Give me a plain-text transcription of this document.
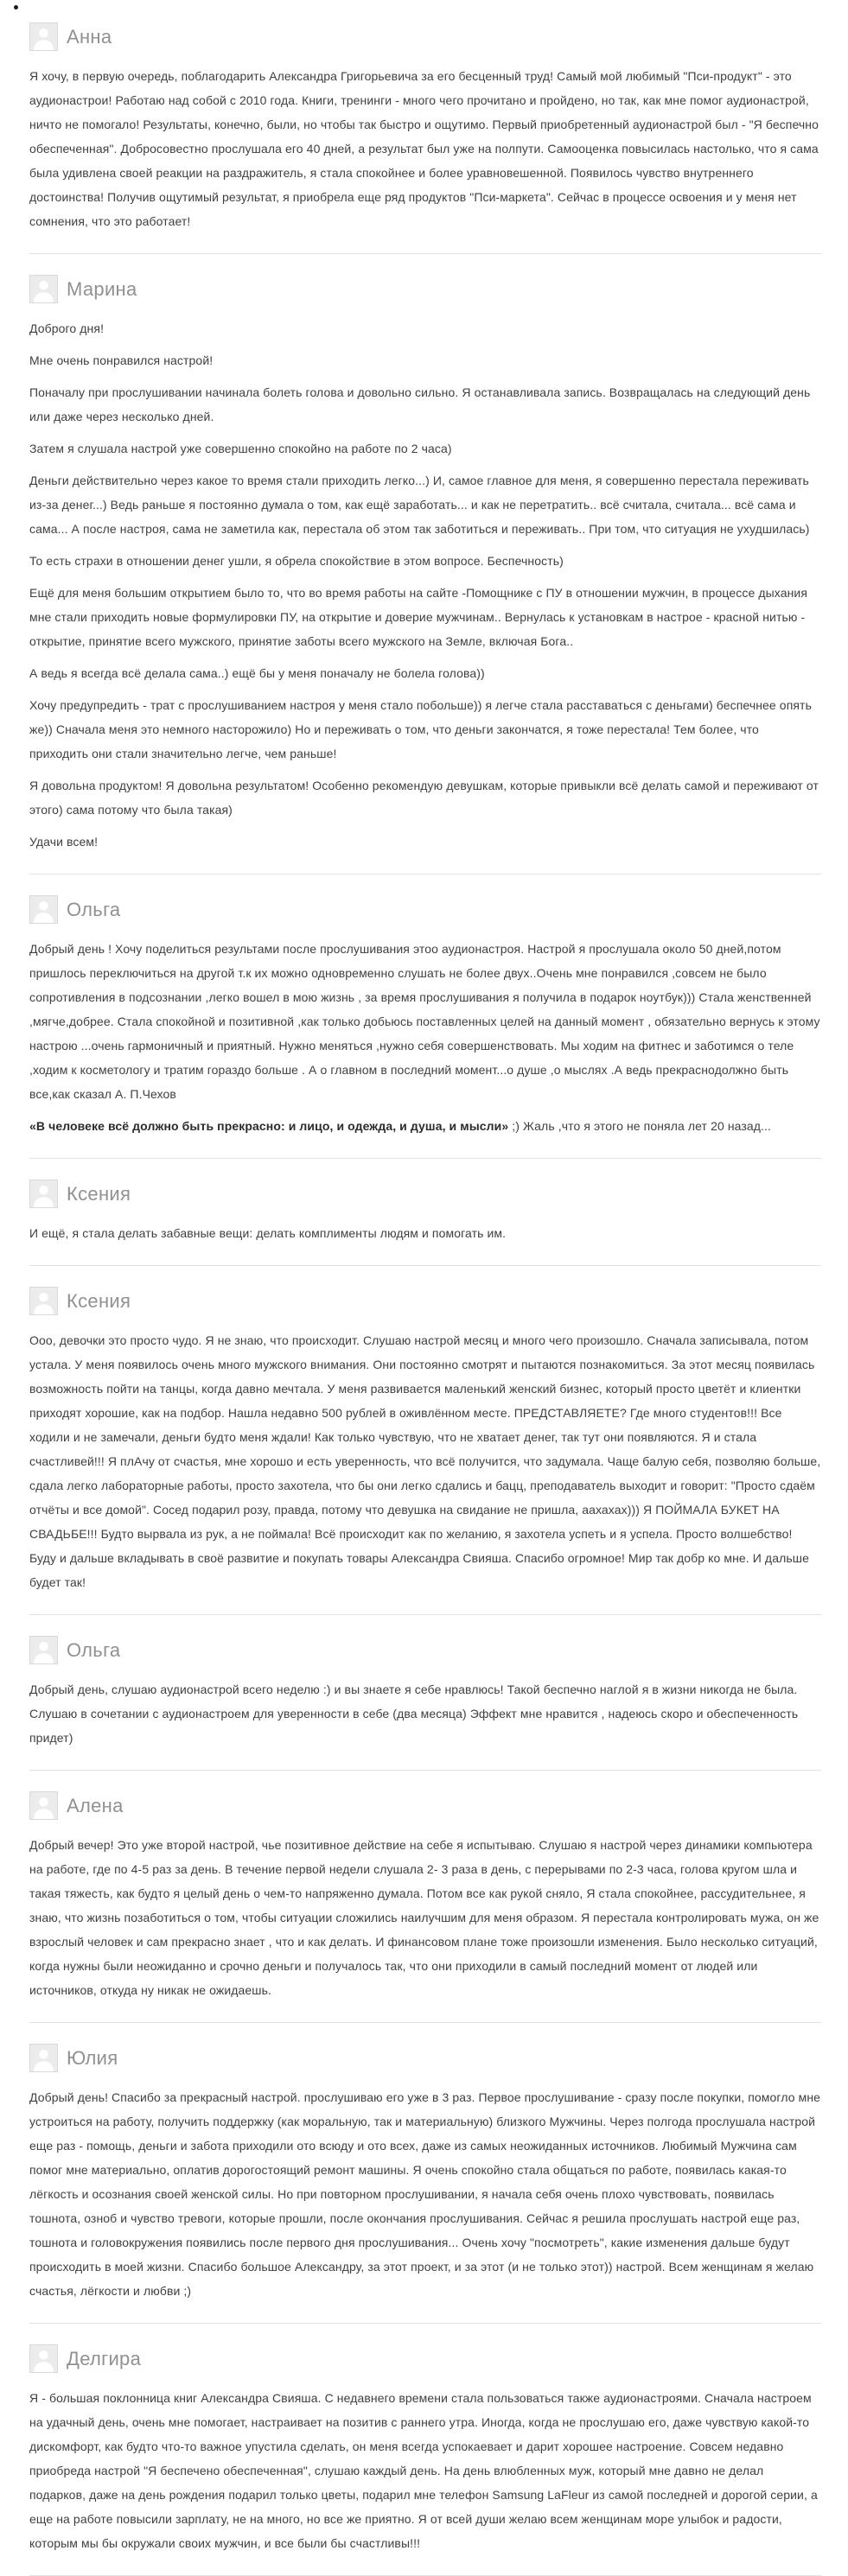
Анна

Я хочу, в первую очередь, поблагодарить Александра Григорьевича за его бесценный труд! Самый мой любимый "Пси-продукт" - это аудионастрои! Работаю над собой с 2010 года. Книги, тренинги - много чего прочитано и пройдено, но так, как мне помог аудионастрой, ничто не помогало! Результаты, конечно, были, но чтобы так быстро и ощутимо. Первый приобретенный аудионастрой был - "Я беспечно обеспеченная". Добросовестно прослушала его 40 дней, а результат был уже на полпути. Самооценка повысилась настолько, что я сама была удивлена своей реакции на раздражитель, я стала спокойнее и более уравновешенной. Появилось чувство внутреннего достоинства! Получив ощутимый результат, я приобрела еще ряд продуктов "Пси-маркета". Сейчас в процессе освоения и у меня нет сомнения, что это работает!

Марина

Доброго дня!

Мне очень понравился настрой!

Поначалу при прослушивании начинала болеть голова и довольно сильно. Я останавливала запись. Возвращалась на следующий день или даже через несколько дней.

Затем я слушала настрой уже совершенно спокойно на работе по 2 часа)

Деньги действительно через какое то время стали приходить легко...) И, самое главное для меня, я совершенно перестала переживать из-за денег...) Ведь раньше я постоянно думала о том, как ещё заработать... и как не перетратить.. всё считала, считала... всё сама и сама... А после настроя, сама не заметила как, перестала об этом так заботиться и переживать.. При том, что ситуация не ухудшилась)

То есть страхи в отношении денег ушли, я обрела спокойствие в этом вопросе. Беспечность)

Ещё для меня большим открытием было то, что во время работы на сайте -Помощнике с ПУ в отношении мужчин, в процессе дыхания мне стали приходить новые формулировки ПУ, на открытие и доверие мужчинам.. Вернулась к установкам в настрое - красной нитью - открытие, принятие всего мужского, принятие заботы всего мужского на Земле, включая Бога..

А ведь я всегда всё делала сама..) ещё бы у меня поначалу не болела голова))

Хочу предупредить - трат с прослушиванием настроя у меня стало побольше)) я легче стала расставаться с деньгами) беспечнее опять же)) Сначала меня это немного насторожило) Но и переживать о том, что деньги закончатся, я тоже перестала! Тем более, что приходить они стали значительно легче, чем раньше!

Я довольна продуктом! Я довольна результатом! Особенно рекомендую девушкам, которые привыкли всё делать самой и переживают от этого) сама потому что была такая)

Удачи всем!

Ольга

Добрый день ! Хочу поделиться результами после прослушивания этоо аудионастроя. Настрой я прослушала около 50 дней,потом пришлось переключиться на другой т.к их можно одновременно слушать не более двух..Очень мне понравился ,совсем не было сопротивления в подсознании ,легко вошел в мою жизнь , за время прослушивания я получила в подарок ноутбук))) Стала женственней ,мягче,добрее. Стала спокойной и позитивной ,как только добьюсь поставленных целей на данный момент , обязательно вернусь к этому настрою ...очень гармоничный и приятный. Нужно меняться ,нужно себя совершенствовать. Мы ходим на фитнес и заботимся о теле ,ходим к косметологу и тратим гораздо больше . А о главном в последний момент...о душе ,о мыслях .А ведь прекраснодолжно быть все,как сказал А. П.Чехов

«В человеке всё должно быть прекрасно: и лицо, и одежда, и душа, и мысли» ;) Жаль ,что я этого не поняла лет 20 назад...

Ксения

И ещё, я стала делать забавные вещи: делать комплименты людям и помогать им.

Ксения

Ооо, девочки это просто чудо. Я не знаю, что происходит. Слушаю настрой месяц и много чего произошло. Сначала записывала, потом устала. У меня появилось очень много мужского внимания. Они постоянно смотрят и пытаются познакомиться. За этот месяц появилась возможность пойти на танцы, когда давно мечтала. У меня развивается маленький женский бизнес, который просто цветёт и клиентки приходят хорошие, как на подбор. Нашла недавно 500 рублей в оживлённом месте. ПРЕДСТАВЛЯЕТЕ? Где много студентов!!! Все ходили и не замечали, деньги будто меня ждали! Как только чувствую, что не хватает денег, так тут они появляются. Я и стала счастливей!!! Я плАчу от счастья, мне хорошо и есть уверенность, что всё получится, что задумала. Чаще балую себя, позволяю больше, сдала легко лабораторные работы, просто захотела, что бы они легко сдались и бацц, преподаватель выходит и говорит: "Просто сдаём отчёты и все домой". Сосед подарил розу, правда, потому что девушка на свидание не пришла, аахахах))) Я ПОЙМАЛА БУКЕТ НА СВАДЬБЕ!!! Будто вырвала из рук, а не поймала! Всё происходит как по желанию, я захотела успеть и я успела. Просто волшебство! Буду и дальше вкладывать в своё развитие и покупать товары Александра Свияша. Спасибо огромное! Мир так добр ко мне. И дальше будет так!

Ольга

Добрый день, слушаю аудионастрой всего неделю :) и вы знаете я себе нравлюсь! Такой беспечно наглой я в жизни никогда не была. Слушаю в сочетании с аудионастроем для уверенности в себе (два месяца) Эффект мне нравится , надеюсь скоро и обеспеченность придет)

Алена

Добрый вечер! Это уже второй настрой, чье позитивное действие на себе я испытываю. Слушаю я настрой через динамики компьютера на работе, где по 4-5 раз за день. В течение первой недели слушала 2- 3 раза в день, с перерывами по 2-3 часа, голова кругом шла и такая тяжесть, как будто я целый день о чем-то напряженно думала. Потом все как рукой сняло, Я стала спокойнее, рассудительнее, я знаю, что жизнь позаботиться о том, чтобы ситуации сложились наилучшим для меня образом. Я перестала контролировать мужа, он же взрослый человек и сам прекрасно знает , что и как делать. И финансовом плане тоже произошли изменения. Было несколько ситуаций, когда нужны были неожиданно и срочно деньги и получалось так, что они приходили в самый последний момент от людей или источников, откуда ну никак не ожидаешь.

Юлия

Добрый день! Спасибо за прекрасный настрой. прослушиваю его уже в 3 раз. Первое прослушивание - сразу после покупки, помогло мне устроиться на работу, получить поддержку (как моральную, так и материальную) близкого Мужчины. Через полгода прослушала настрой еще раз - помощь, деньги и забота приходили ото всюду и ото всех, даже из самых неожиданных источников. Любимый Мужчина сам помог мне материально, оплатив дорогостоящий ремонт машины. Я очень спокойно стала общаться по работе, появилась какая-то лёгкость и осознания своей женской силы. Но при повторном прослушивании, я начала себя очень плохо чувствовать, появилась тошнота, озноб и чувство тревоги, которые прошли, после окончания прослушивания. Сейчас я решила прослушать настрой еще раз, тошнота и головокружения появились после первого дня прослушивания... Очень хочу "посмотреть", какие изменения дальше будут происходить в моей жизни. Спасибо большое Александру, за этот проект, и за этот (и не только этот)) настрой. Всем женщинам я желаю счастья, лёгкости и любви ;)

Делгира

Я - большая поклонница книг Александра Свияша. С недавнего времени стала пользоваться также аудионастроями. Сначала настроем на удачный день, очень мне помогает, настраивает на позитив с раннего утра. Иногда, когда не прослушаю его, даже чувствую какой-то дискомфорт, как будто что-то важное упустила сделать, он меня всегда успокаевает и дарит хорошее настроение. Совсем недавно приобреда настрой "Я беспечено обеспеченная", слушаю каждый день. На день влюбленных муж, который мне давно не делал подарков, даже на день рождения подарил только цветы, подарил мне телефон Samsung LaFleur из самой последней и дорогой серии, а еще на работе повысили зарплату, не на много, но все же приятно. Я от всей души желаю всем женщинам море улыбок и радости, которым мы бы окружали своих мужчин, и все были бы счастливы!!!
